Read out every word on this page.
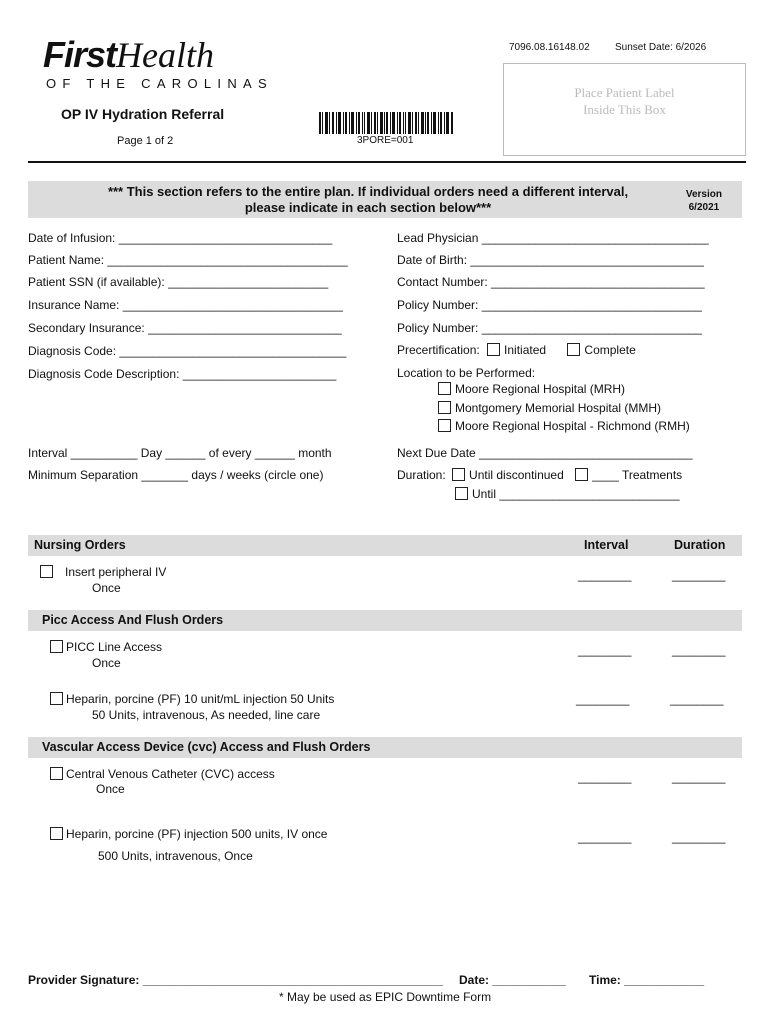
FirstHealth
OF THE CAROLINAS
OP IV Hydration Referral
Page 1 of 2	3PORE=001
7096.08.16148.02	Sunset Date: 6/2026
Place Patient Label
Inside This Box
*** This section refers to the entire plan. If individual orders need a different interval,
please indicate in each section below***
Version
6/2021
Date of Infusion: ________________________________
Patient Name: ____________________________________
Patient SSN (if available): ________________________
Insurance Name: _________________________________
Secondary Insurance: _____________________________
Diagnosis Code: __________________________________
Diagnosis Code Description: _______________________
Lead Physician __________________________________
Date of Birth: ___________________________________
Contact Number: ________________________________
Policy Number: _________________________________
Policy Number: _________________________________
Precertification: Initiated	Complete
Location to be Performed:
Moore Regional Hospital (MRH)
Montgomery Memorial Hospital (MMH)
Moore Regional Hospital - Richmond (RMH)
Interval __________ Day ______ of every ______ month
Minimum Separation _______ days / weeks (circle one)
Next Due Date ________________________________
Duration: Until discontinued ____ Treatments
Until ___________________________
Nursing Orders	Interval	Duration
Insert peripheral IV
Once
________	________
Picc Access And Flush Orders
PICC Line Access
Once
________	________
Heparin, porcine (PF) 10 unit/mL injection 50 Units
50 Units, intravenous, As needed, line care
________	________
Vascular Access Device (cvc) Access and Flush Orders
Central Venous Catheter (CVC) access
Once
________	________
Heparin, porcine (PF) injection 500 units, IV once
500 Units, intravenous, Once
________	________
Provider Signature: _____________________________________________ Date: ___________ Time: ____________
* May be used as EPIC Downtime Form
